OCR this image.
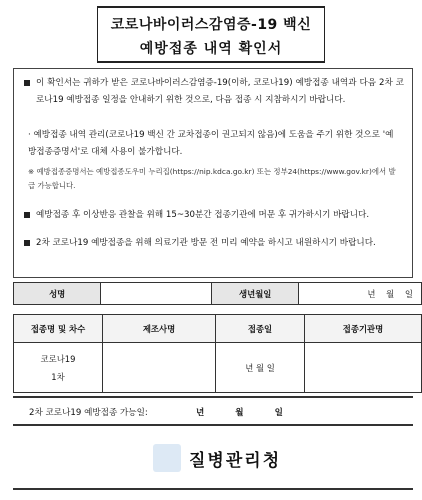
코로나바이러스감염증-19 백신
예방접종 내역 확인서
이 확인서는 귀하가 받은 코로나바이러스감염증-19(이하, 코로나19) 예방접종 내역과 다음 2차 코로나19 예방접종 일정을 안내하기 위한 것으로, 다음 접종 시 지참하시기 바랍니다.
· 예방접종 내역 관리(코로나19 백신 간 교차접종이 권고되지 않음)에 도움을 주기 위한 것으로 '예방접종증명서'로 대체 사용이 불가합니다.
※ 예방접종증명서는 예방접종도우미 누리집(https://nip.kdca.go.kr) 또는 정부24(https://www.gov.kr)에서 발급 가능합니다.
예방접종 후 이상반응 관찰을 위해 15~30분간 접종기관에 머문 후 귀가하시기 바랍니다.
2차 코로나19 예방접종을 위해 의료기관 방문 전 미리 예약을 하시고 내원하시기 바랍니다.
성명		생년월일	년    월    일
접종명 및 차수	제조사명	접종일	접종기관명

코로나19
1차		년 월 일	
2차 코로나19 예방접종 가능일:	년 월 일
질병관리청
